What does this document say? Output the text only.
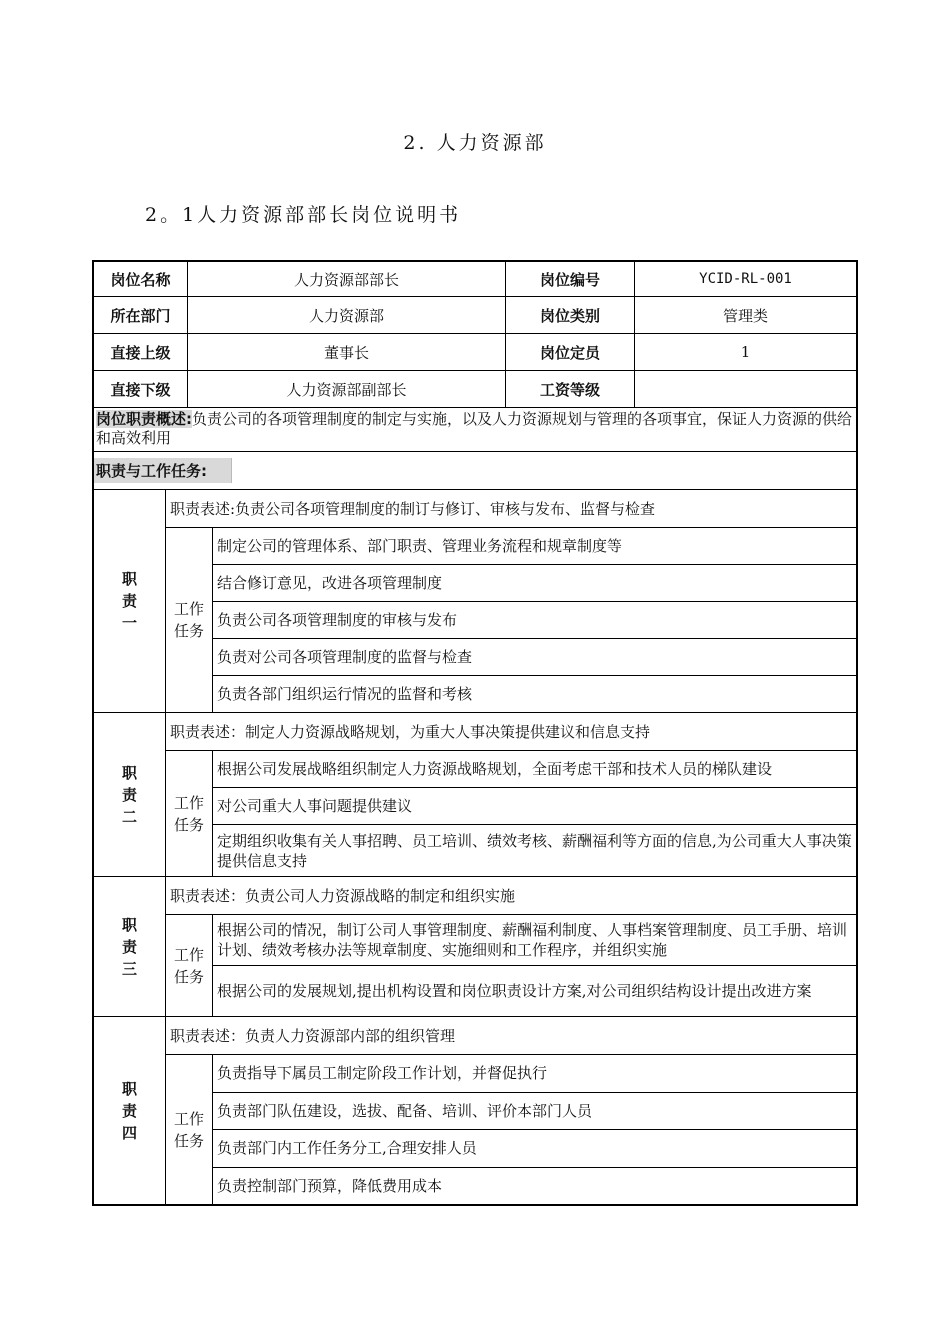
2. 人力资源部
2。1人力资源部部长岗位说明书
岗位名称	人力资源部部长	岗位编号	YCID-RL-001
所在部门	人力资源部	岗位类别	管理类
直接上级	董事长	岗位定员	1
直接下级	人力资源部副部长	工资等级
岗位职责概述:负责公司的各项管理制度的制定与实施，以及人力资源规划与管理的各项事宜，保证人力资源的供给和高效利用
职责与工作任务:
职
责
一
职责表述:负责公司各项管理制度的制订与修订、审核与发布、监督与检查
工作
任务
制定公司的管理体系、部门职责、管理业务流程和规章制度等
结合修订意见，改进各项管理制度
负责公司各项管理制度的审核与发布
负责对公司各项管理制度的监督与检查
负责各部门组织运行情况的监督和考核
职
责
二
职责表述：制定人力资源战略规划，为重大人事决策提供建议和信息支持
工作
任务
根据公司发展战略组织制定人力资源战略规划，全面考虑干部和技术人员的梯队建设
对公司重大人事问题提供建议
定期组织收集有关人事招聘、员工培训、绩效考核、薪酬福利等方面的信息,为公司重大人事决策提供信息支持
职
责
三
职责表述：负责公司人力资源战略的制定和组织实施
工作
任务
根据公司的情况，制订公司人事管理制度、薪酬福利制度、人事档案管理制度、员工手册、培训计划、绩效考核办法等规章制度、实施细则和工作程序，并组织实施
根据公司的发展规划,提出机构设置和岗位职责设计方案,对公司组织结构设计提出改进方案
职
责
四
职责表述：负责人力资源部内部的组织管理
工作
任务
负责指导下属员工制定阶段工作计划，并督促执行
负责部门队伍建设，选拔、配备、培训、评价本部门人员
负责部门内工作任务分工,合理安排人员
负责控制部门预算，降低费用成本
